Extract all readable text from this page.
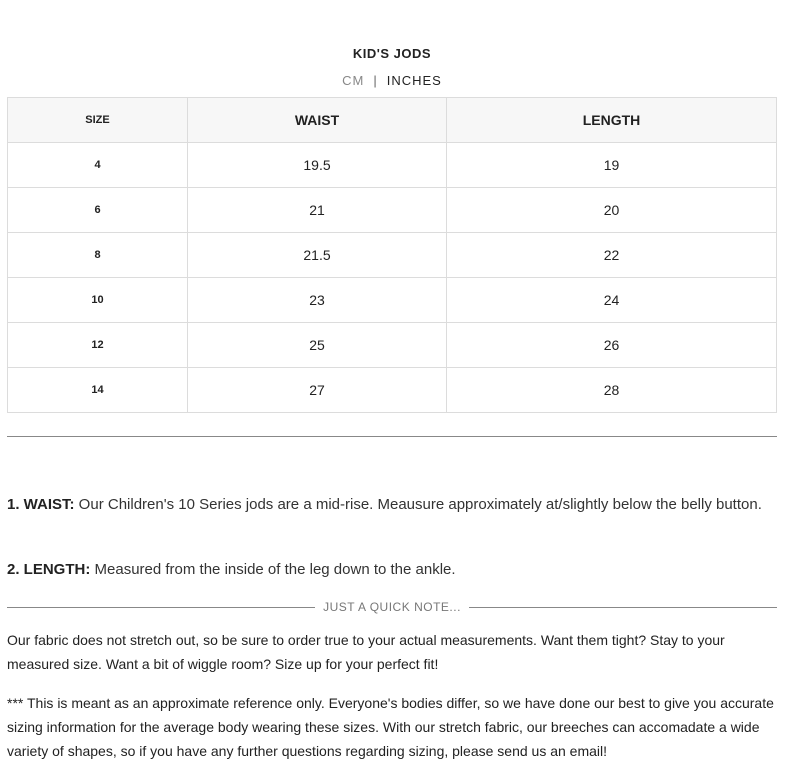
KID'S JODS
CM | INCHES
SIZE	WAIST	LENGTH
4	19.5	19
6	21	20
8	21.5	22
10	23	24
12	25	26
14	27	28
1. WAIST: Our Children's 10 Series jods are a mid-rise. Meausure approximately at/slightly below the belly button.
2. LENGTH: Measured from the inside of the leg down to the ankle.
JUST A QUICK NOTE...
Our fabric does not stretch out, so be sure to order true to your actual measurements. Want them tight? Stay to your measured size. Want a bit of wiggle room? Size up for your perfect fit!
*** This is meant as an approximate reference only. Everyone's bodies differ, so we have done our best to give you accurate sizing information for the average body wearing these sizes. With our stretch fabric, our breeches can accomadate a wide variety of shapes, so if you have any further questions regarding sizing, please send us an email!
